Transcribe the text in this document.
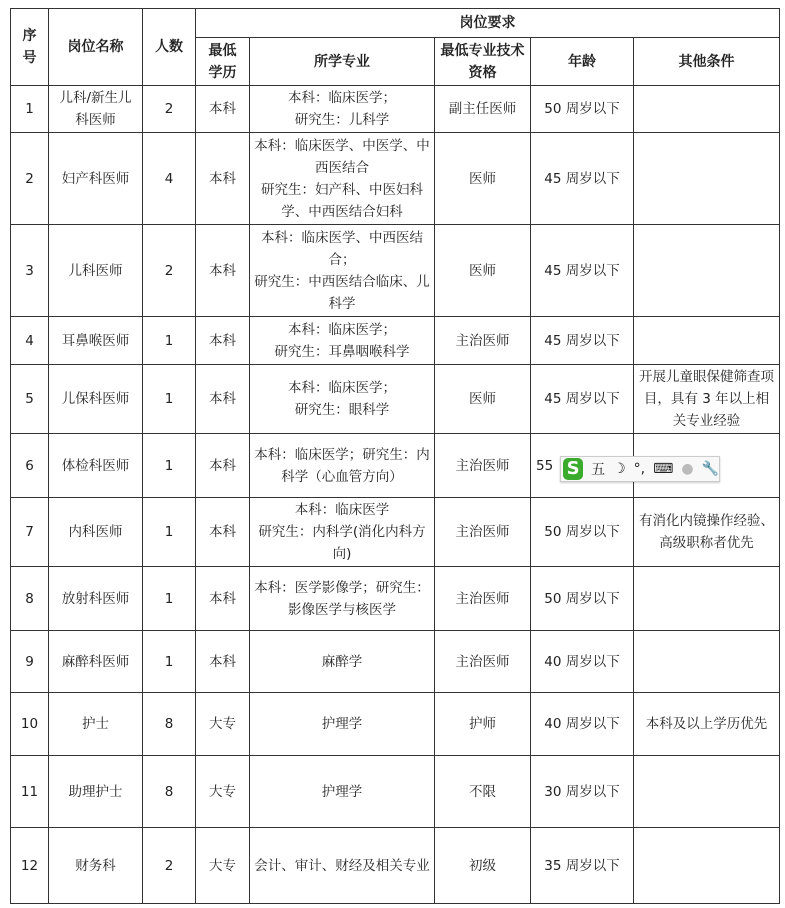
序号	岗位名称	人数	岗位要求				
			最低学历	所学专业	最低专业技术资格	年龄	其他条件
1	儿科/新生儿科医师	2	本科	本科：临床医学；
研究生：儿科学	副主任医师	50 周岁以下	
2	妇产科医师	4	本科	本科：临床医学、中医学、中西医结合
研究生：妇产科、中医妇科学、中西医结合妇科	医师	45 周岁以下	
3	儿科医师	2	本科	本科：临床医学、中西医结合；
研究生：中西医结合临床、儿科学	医师	45 周岁以下	
4	耳鼻喉医师	1	本科	本科：临床医学；
研究生：耳鼻咽喉科学	主治医师	45 周岁以下	
5	儿保科医师	1	本科	本科：临床医学；
研究生：眼科学	医师	45 周岁以下	开展儿童眼保健筛查项目，具有 3 年以上相关专业经验
6	体检科医师	1	本科	本科：临床医学；研究生：内科学（心血管方向）	主治医师	55	
7	内科医师	1	本科	本科：临床医学
研究生：内科学(消化内科方向)	主治医师	50 周岁以下	有消化内镜操作经验、高级职称者优先
8	放射科医师	1	本科	本科：医学影像学；研究生：影像医学与核医学	主治医师	50 周岁以下	
9	麻醉科医师	1	本科	麻醉学	主治医师	40 周岁以下	
10	护士	8	大专	护理学	护师	40 周岁以下	本科及以上学历优先
11	助理护士	8	大专	护理学	不限	30 周岁以下	
12	财务科	2	大专	会计、审计、财经及相关专业	初级	35 周岁以下	
S 五 ☽ °, ⌨ ● 🔧
